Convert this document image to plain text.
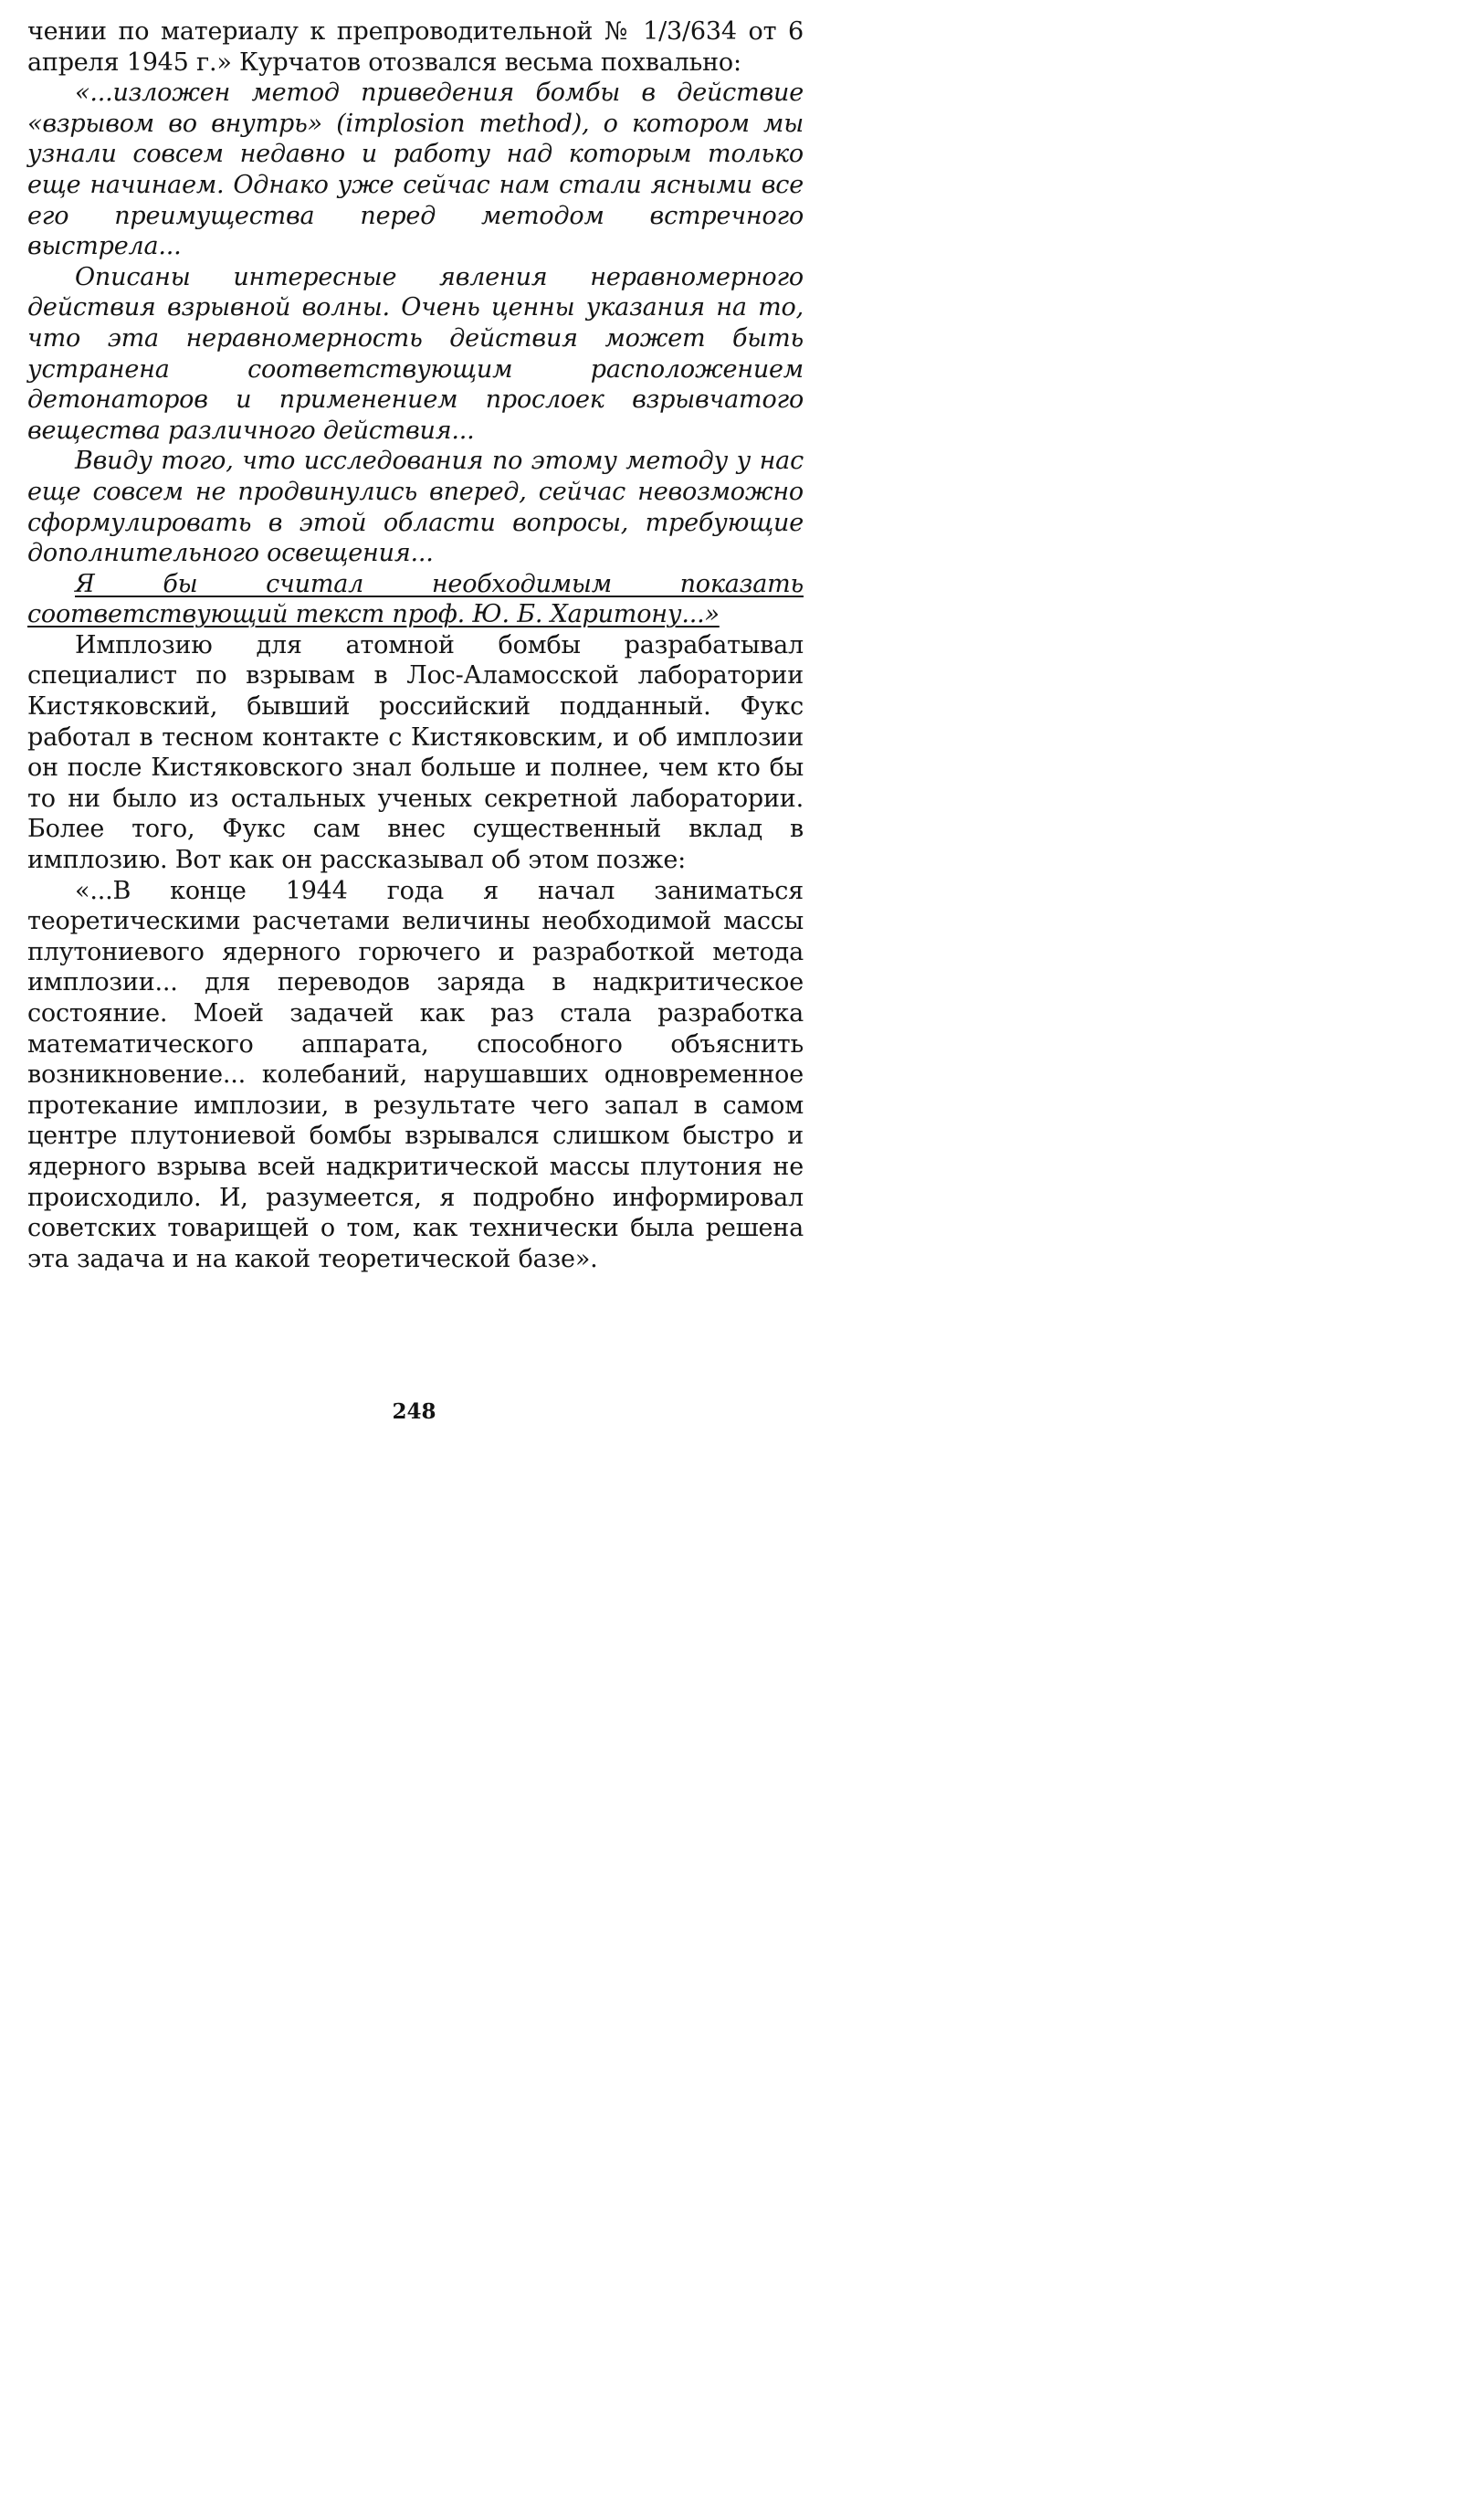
чении по материалу к препроводительной № 1/3/634 от 6 апреля 1945 г.» Курчатов отозвался весьма похвально:

«...изложен метод приведения бомбы в действие «взрывом во внутрь» (implosion method), о котором мы узнали совсем недавно и работу над которым только еще начинаем. Однако уже сейчас нам стали ясными все его преимущества перед методом встречного выстрела...

Описаны интересные явления неравномерного действия взрывной волны. Очень ценны указания на то, что эта неравномерность действия может быть устранена соответствующим расположением детонаторов и применением прослоек взрывчатого вещества различного действия...

Ввиду того, что исследования по этому методу у нас еще совсем не продвинулись вперед, сейчас невозможно сформулировать в этой области вопросы, требующие дополнительного освещения...

Я бы считал необходимым показать соответствующий текст проф. Ю. Б. Харитону...»

Имплозию для атомной бомбы разрабатывал специалист по взрывам в Лос-Аламосской лаборатории Кистяковский, бывший российский подданный. Фукс работал в тесном контакте с Кистяковским, и об имплозии он после Кистяковского знал больше и полнее, чем кто бы то ни было из остальных ученых секретной лаборатории. Более того, Фукс сам внес существенный вклад в имплозию. Вот как он рассказывал об этом позже:

«...В конце 1944 года я начал заниматься теоретическими расчетами величины необходимой массы плутониевого ядерного горючего и разработкой метода имплозии... для переводов заряда в надкритическое состояние. Моей задачей как раз стала разработка математического аппарата, способного объяснить возникновение... колебаний, нарушавших одновременное протекание имплозии, в результате чего запал в самом центре плутониевой бомбы взрывался слишком быстро и ядерного взрыва всей надкритической массы плутония не происходило. И, разумеется, я подробно информировал советских товарищей о том, как технически была решена эта задача и на какой теоретической базе».

248
